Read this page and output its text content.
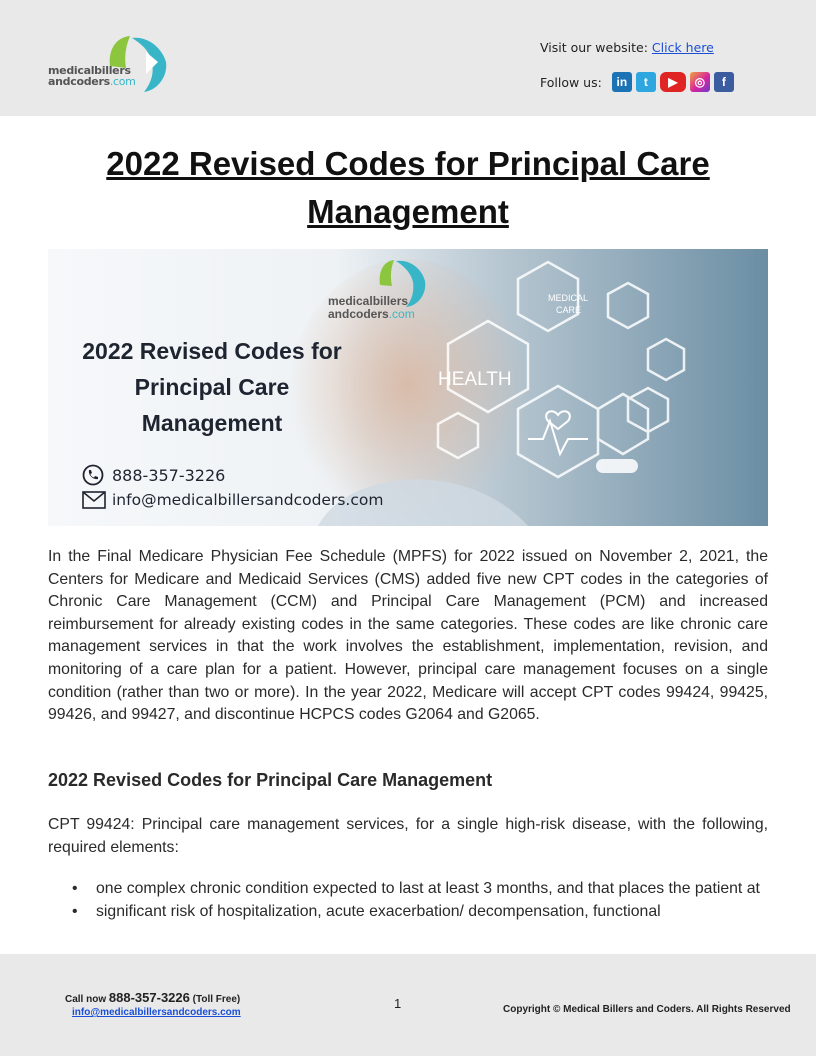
medicalbillers
andcoders.com
Visit our website: Click here
Follow us:	in	t	▶	◎	f
2022 Revised Codes for Principal Care Management
HEALTH
MEDICAL
CARE
medicalbillers
andcoders.com
2022 Revised Codes for Principal Care Management
888-357-3226
info@medicalbillersandcoders.com
In the Final Medicare Physician Fee Schedule (MPFS) for 2022 issued on November 2, 2021, the Centers for Medicare and Medicaid Services (CMS) added five new CPT codes in the categories of Chronic Care Management (CCM) and Principal Care Management (PCM) and increased reimbursement for already existing codes in the same categories. These codes are like chronic care management services in that the work involves the establishment, implementation, revision, and monitoring of a care plan for a patient. However, principal care management focuses on a single condition (rather than two or more). In the year 2022, Medicare will accept CPT codes 99424, 99425, 99426, and 99427, and discontinue HCPCS codes G2064 and G2065.
2022 Revised Codes for Principal Care Management
CPT 99424: Principal care management services, for a single high-risk disease, with the following, required elements:
• one complex chronic condition expected to last at least 3 months, and that places the patient at
• significant risk of hospitalization, acute exacerbation/ decompensation, functional
Call now 888-357-3226 (Toll Free)
info@medicalbillersandcoders.com
1	Copyright © Medical Billers and Coders. All Rights Reserved
